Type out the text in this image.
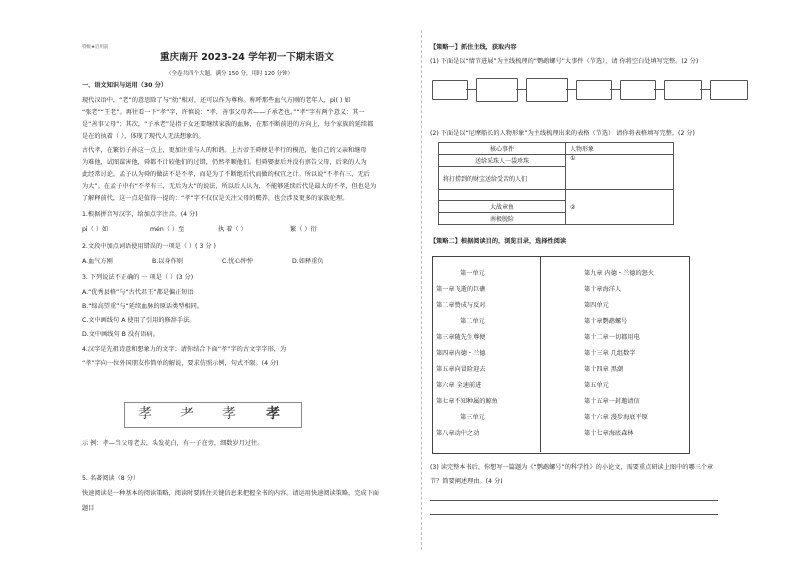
特级★启用前
重庆南开 2023-24 学年初一下期末语文
（全卷共四个大题，满分 150 分，用时 120 分钟）
一、语文知识与运用（30 分）
现代汉语中，“老”的意思除了与“幼”相对，还可以作为尊称。称呼那些血气方刚的老年人，pì( ) 如
“张老”“王老”。再往看一下“孝”字，许慎说：“孝，善事父母者——子承老也。”“孝”字有两个意义：其一
是“善事父母”；其次，“子承老”是指子女还要继续家族的血脉，在那不断前进的方向上，每个家族的延续都
是在的执着（ ），体现了现代人无法想象的。
古代孝，在繁衍子孙这一点上，更加注重与人的和谐。上古帝王舜便是孝行的模范，他自己的父亲和继母
为难他，试图谋害他，舜都不计较他们的过错，仍然孝顺他们。但舜娶妻后并没有禀告父母，后来的人为
此经常讨论。孟子认为舜的做法不是不孝，而是为了不断绝后代而做的权宜之计。所以说“不孝有三，无后
为大”。在孟子中有“不孝有三，无后为大”的说法，所以后人认为，不能够延续后代是最大的不孝，但也是为
了解释前代，这一点是值得一提的：“孝”字不仅仅是关注父母的赡养，也会涉及更多的家族伦理。
1.根据拼音写汉字，给加点字注音。(4 分)
pì（ ）如	mén（ ）至	执 着（ ）	繁（ ）衍
2.文段中加点词语使用错误的一项是（ ）( 3 分 )
A.血气方刚	B.以身作则	C.忧心忡忡	D.如释重负
3. 下列说法不正确的 一 项是（ ）(3 分)
A.“优秀县格”与“古代君王”都是偏正短语
B.“缔高望重”与“延续血脉的原话类型相同。
C.文中画线句 A 使用了引用的修辞手法。
D.文中画线句 B 没有语病。
4.汉字是先祖诗意和想象力的文字；请你结合下面“孝”字的古文字字形，为
“孝”字向一位外国朋友作简单的解说，要求仿照示例，句式不限。(4 分)
孝	耂	孝	孝
示 例：孝—当父母老去，头发花白，有一子在旁，细数岁月过往。
5. 名著阅读（8 分）
快速阅读是一种基本的阅读策略，阅读时要抓住关键信息来把握全书的内容。请运用快速阅读策略，完成下面
题目
【策略一】抓住主线，获取内容
(1) 下面是以“情节进展”为主线梳理的“鹦鹉螺号”大事件（节选），请 你将空白处填写完整。(2 分)
(2) 下面是以“尼摩船长的人物形象”为主线梳理出来的表格（节选） 请你将表格填写完整。(2 分)
核心事件	人物形象
送给采珠人一袋珍珠	①
将打捞到的财宝送给受苦的人们	
	②
大战章鱼	
南极脱险	
【策略二】根据阅读目的，浏览目录，选择性阅读
第一单元
第一章飞逝的巨礁
第二章赞成与反对
第二单元
第三章随先生尊便
第四章内德・兰德
第五章向冒险迎去
第六章 全速前进
第七章不知种属的鲸鱼
第三单元
第八章动中之动
第九章 内德・兰德的怒火
第十章海洋人
第四单元
第十章鹦鹉螺号
第十二章一切都用电
第十三章 几组数字
第十四章 黑潮
第五单元
第十五章一封邀请信
第十六章 漫步海底平原
第十七章海底森林
(3) 读完整本书后，你想写一篇题为《“鹦鹉螺号”的科学性》的小论文，需要重点研读上图中的哪三个章
节？简要阐述理由。(4 分)
